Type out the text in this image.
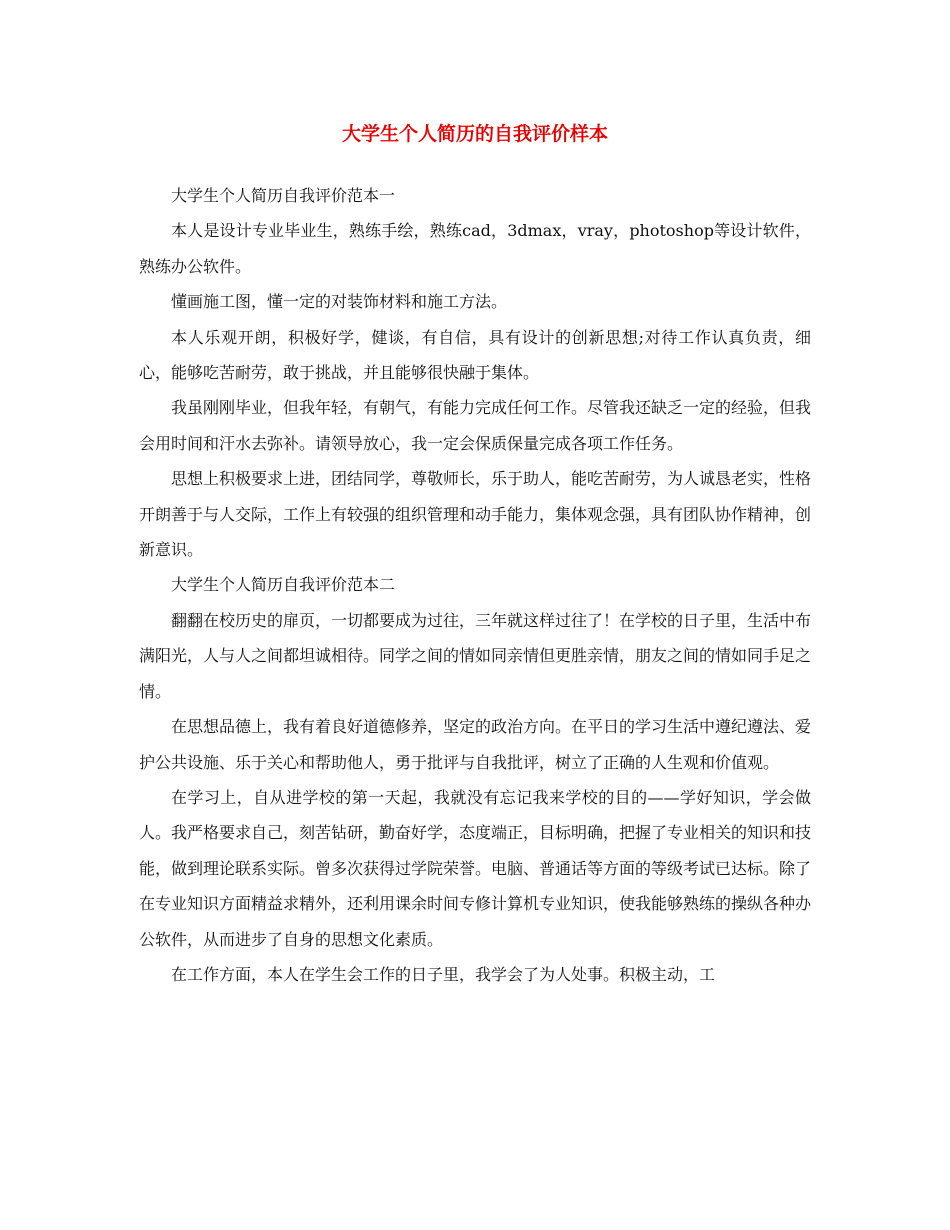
大学生个人简历的自我评价样本

大学生个人简历自我评价范本一

本人是设计专业毕业生，熟练手绘，熟练cad，3dmax，vray，photoshop等设计软件，熟练办公软件。

懂画施工图，懂一定的对装饰材料和施工方法。

本人乐观开朗，积极好学，健谈，有自信，具有设计的创新思想;对待工作认真负责，细心，能够吃苦耐劳，敢于挑战，并且能够很快融于集体。

我虽刚刚毕业，但我年轻，有朝气，有能力完成任何工作。尽管我还缺乏一定的经验，但我会用时间和汗水去弥补。请领导放心，我一定会保质保量完成各项工作任务。

思想上积极要求上进，团结同学，尊敬师长，乐于助人，能吃苦耐劳，为人诚恳老实，性格开朗善于与人交际，工作上有较强的组织管理和动手能力，集体观念强，具有团队协作精神，创新意识。

大学生个人简历自我评价范本二

翻翻在校历史的扉页，一切都要成为过往，三年就这样过往了！在学校的日子里，生活中布满阳光，人与人之间都坦诚相待。同学之间的情如同亲情但更胜亲情，朋友之间的情如同手足之情。

在思想品德上，我有着良好道德修养，坚定的政治方向。在平日的学习生活中遵纪遵法、爱护公共设施、乐于关心和帮助他人，勇于批评与自我批评，树立了正确的人生观和价值观。

在学习上，自从进学校的第一天起，我就没有忘记我来学校的目的——学好知识，学会做人。我严格要求自己，刻苦钻研，勤奋好学，态度端正，目标明确，把握了专业相关的知识和技能，做到理论联系实际。曾多次获得过学院荣誉。电脑、普通话等方面的等级考试已达标。除了在专业知识方面精益求精外，还利用课余时间专修计算机专业知识，使我能够熟练的操纵各种办公软件，从而进步了自身的思想文化素质。

在工作方面，本人在学生会工作的日子里，我学会了为人处事。积极主动，工
